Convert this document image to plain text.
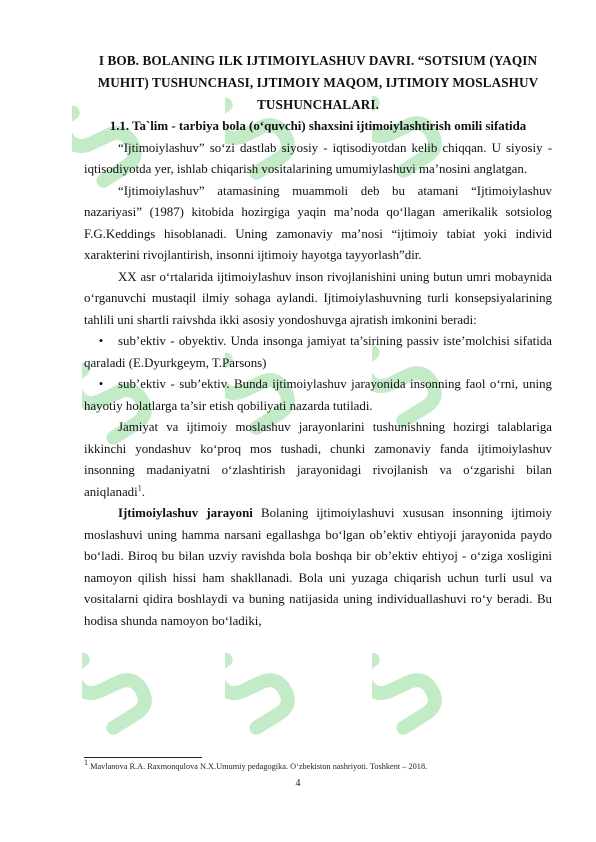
I BOB. BOLANING ILK IJTIMOIYLASHUV DAVRI. “SOTSIUM (YAQIN MUHIT) TUSHUNCHASI, IJTIMOIY MAQOM, IJTIMOIY MOSLASHUV TUSHUNCHALARI.
1.1. Ta`lim - tarbiya bola (o‘quvchi) shaxsini ijtimoiylashtirish omili sifatida

“Ijtimoiylashuv” so‘zi dastlab siyosiy - iqtisodiyotdan kelib chiqqan. U siyosiy - iqtisodiyotda yer, ishlab chiqarish vositalarining umumiylashuvi ma’nosini anglatgan.

“Ijtimoiylashuv” atamasining muammoli deb bu atamani “Ijtimoiylashuv nazariyasi” (1987) kitobida hozirgiga yaqin ma’noda qo‘llagan amerikalik sotsiolog F.G.Keddings hisoblanadi. Uning zamonaviy ma’nosi “ijtimoiy tabiat yoki individ xarakterini rivojlantirish, insonni ijtimoiy hayotga tayyorlash”dir.

XX asr o‘rtalarida ijtimoiylashuv inson rivojlanishini uning butun umri mobaynida o‘rganuvchi mustaqil ilmiy sohaga aylandi. Ijtimoiylashuvning turli konsepsiyalarining tahlili uni shartli raivshda ikki asosiy yondoshuvga ajratish imkonini beradi:

• sub’ektiv - obyektiv. Unda insonga jamiyat ta’sirining passiv iste’molchisi sifatida qaraladi (E.Dyurkgeym, T.Parsons)

• sub’ektiv - sub’ektiv. Bunda ijtimoiylashuv jarayonida insonning faol o‘rni, uning hayotiy holatlarga ta’sir etish qobiliyati nazarda tutiladi.

Jamiyat va ijtimoiy moslashuv jarayonlarini tushunishning hozirgi talablariga ikkinchi yondashuv ko‘proq mos tushadi, chunki zamonaviy fanda ijtimoiylashuv insonning madaniyatni o‘zlashtirish jarayonidagi rivojlanish va o‘zgarishi bilan aniqlanadi$^1$.

Ijtimoiylashuv jarayoni Bolaning ijtimoiylashuvi xususan insonning ijtimoiy moslashuvi uning hamma narsani egallashga bo‘lgan ob’ektiv ehtiyoji jarayonida paydo bo‘ladi. Biroq bu bilan uzviy ravishda bola boshqa bir ob’ektiv ehtiyoj - o‘ziga xosligini namoyon qilish hissi ham shakllanadi. Bola uni yuzaga chiqarish uchun turli usul va vositalarni qidira boshlaydi va buning natijasida uning individuallashuvi ro‘y beradi. Bu hodisa shunda namoyon bo‘ladiki,

$^1$ Mavlanova R.A. Raxmonqulova N.X.Umumiy pedagogika. O‘zbekiston nashriyoti. Toshkent – 2018.
4
